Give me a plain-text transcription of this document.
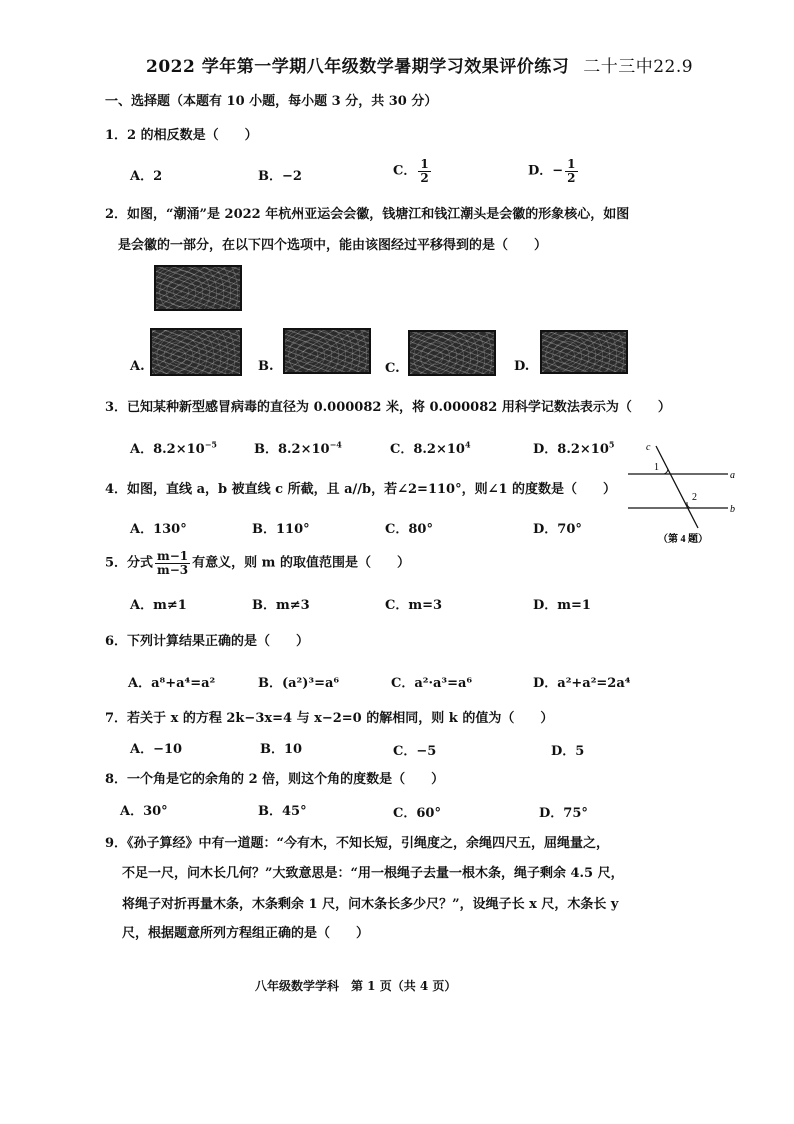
2022 学年第一学期八年级数学暑期学习效果评价练习 二十三中22.9
一、选择题（本题有 10 小题，每小题 3 分，共 30 分）
1．2 的相反数是（　　）
A．2	B．−2	C． $\frac{1}{2}$	D．− $\frac{1}{2}$
2．如图，“潮涌”是 2022 年杭州亚运会会徽，钱塘江和钱江潮头是会徽的形象核心，如图
是会徽的一部分，在以下四个选项中，能由该图经过平移得到的是（　　）
A.	B.	C.	D.
3．已知某种新型感冒病毒的直径为 0.000082 米，将 0.000082 用科学记数法表示为（　　）
A．$8.2\times 10^{-5}$	B．$8.2\times 10^{-4}$	C．$8.2\times 10^4$	D．$8.2\times 10^5$
4．如图，直线 a，b 被直线 c 所截，且 a//b，若∠2=110°，则∠1 的度数是（　　）
A．130°	B．110°	C．80°	D．70°
c
a
b
1
2
（第 4 题）
5．分式 $\frac{m-1}{m-3}$ 有意义，则 m 的取值范围是（　　）
A．m≠1	B．m≠3	C．m=3	D．m=1
6．下列计算结果正确的是（　　）
A．a⁸+a⁴=a²	B．(a²)³=a⁶	C．a²·a³=a⁶	D．a²+a²=2a⁴
7．若关于 x 的方程 2k−3x=4 与 x−2=0 的解相同，则 k 的值为（　　）
A．−10	B．10	C．−5	D．5
8．一个角是它的余角的 2 倍，则这个角的度数是（　　）
A．30°	B．45°	C．60°	D．75°
9．《孙子算经》中有一道题：“今有木，不知长短，引绳度之，余绳四尺五，屈绳量之，
不足一尺，问木长几何？”大致意思是：“用一根绳子去量一根木条，绳子剩余 4.5 尺，
将绳子对折再量木条，木条剩余 1 尺，问木条长多少尺？”，设绳子长 x 尺，木条长 y
尺，根据题意所列方程组正确的是（　　）
八年级数学学科　第 1 页（共 4 页）
